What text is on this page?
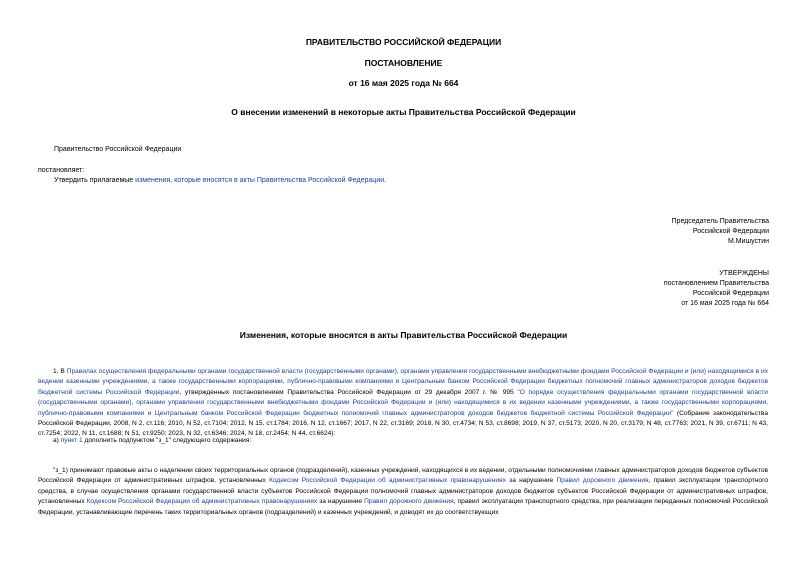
ПРАВИТЕЛЬСТВО РОССИЙСКОЙ ФЕДЕРАЦИИ
ПОСТАНОВЛЕНИЕ
от 16 мая 2025 года № 664
О внесении изменений в некоторые акты Правительства Российской Федерации
Правительство Российской Федерации
постановляет:
Утвердить прилагаемые изменения, которые вносятся в акты Правительства Российской Федерации.
Председатель Правительства
Российской Федерации
М.Мишустин
УТВЕРЖДЕНЫ
постановлением Правительства
Российской Федерации
от 16 мая 2025 года № 664
Изменения, которые вносятся в акты Правительства Российской Федерации
1. В Правилах осуществления федеральными органами государственной власти (государственными органами), органами управления государственными внебюджетными фондами Российской Федерации и (или) находящимися в их ведении казенными учреждениями, а также государственными корпорациями, публично-правовыми компаниями и Центральным банком Российской Федерации бюджетных полномочий главных администраторов доходов бюджетов бюджетной системы Российской Федерации, утвержденных постановлением Правительства Российской Федерации от 29 декабря 2007 г. № 995 "О порядке осуществления федеральными органами государственной власти (государственными органами), органами управления государственными внебюджетными фондами Российской Федерации и (или) находящимися в их ведении казенными учреждениями, а также государственными корпорациями, публично-правовыми компаниями и Центральным банком Российской Федерации бюджетных полномочий главных администраторов доходов бюджетов бюджетной системы Российской Федерации" (Собрание законодательства Российской Федерации, 2008, N 2, ст.116; 2010, N 52, ст.7104; 2012, N 15, ст.1784; 2016, N 12, ст.1667; 2017, N 22, ст.3169; 2018, N 30, ст.4734; N 53, ст.8698; 2019, N 37, ст.5173; 2020, N 20, ст.3179; N 48, ст.7763; 2021, N 39, ст.6711; N 43, ст.7254; 2022, N 11, ст.1688; N 51, ст.9250; 2023, N 32, ст.6346; 2024, N 18, ст.2454; N 44, ст.6624):
а) пункт 1 дополнить подпунктом "з_1" следующего содержания:
"з_1) принимают правовые акты о наделении своих территориальных органов (подразделений), казенных учреждений, находящихся в их ведении, отдельными полномочиями главных администраторов доходов бюджетов субъектов Российской Федерации от административных штрафов, установленных Кодексом Российской Федерации об административных правонарушениях за нарушение Правил дорожного движения, правил эксплуатации транспортного средства, в случае осуществления органами государственной власти субъектов Российской Федерации полномочий главных администраторов доходов бюджетов субъектов Российской Федерации от административных штрафов, установленных Кодексом Российской Федерации об административных правонарушениях за нарушение Правил дорожного движения, правил эксплуатации транспортного средства, при реализации переданных полномочий Российской Федерации, устанавливающие перечень таких территориальных органов (подразделений) и казенных учреждений, и доводят их до соответствующих
